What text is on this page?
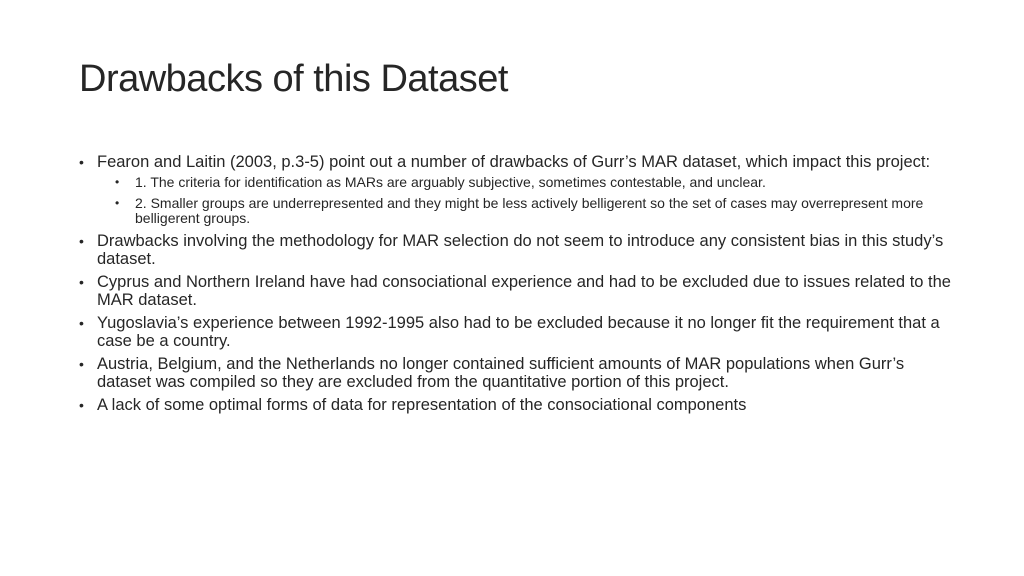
Drawbacks of this Dataset
• Fearon and Laitin (2003, p.3-5) point out a number of drawbacks of Gurr’s MAR dataset, which impact this project:
• 1. The criteria for identification as MARs are arguably subjective, sometimes contestable, and unclear.
• 2. Smaller groups are underrepresented and they might be less actively belligerent so the set of cases may overrepresent more belligerent groups.
• Drawbacks involving the methodology for MAR selection do not seem to introduce any consistent bias in this study’s dataset.
• Cyprus and Northern Ireland have had consociational experience and had to be excluded due to issues related to the MAR dataset.
• Yugoslavia’s experience between 1992-1995 also had to be excluded because it no longer fit the requirement that a case be a country.
• Austria, Belgium, and the Netherlands no longer contained sufficient amounts of MAR populations when Gurr’s dataset was compiled so they are excluded from the quantitative portion of this project.
• A lack of some optimal forms of data for representation of the consociational components
